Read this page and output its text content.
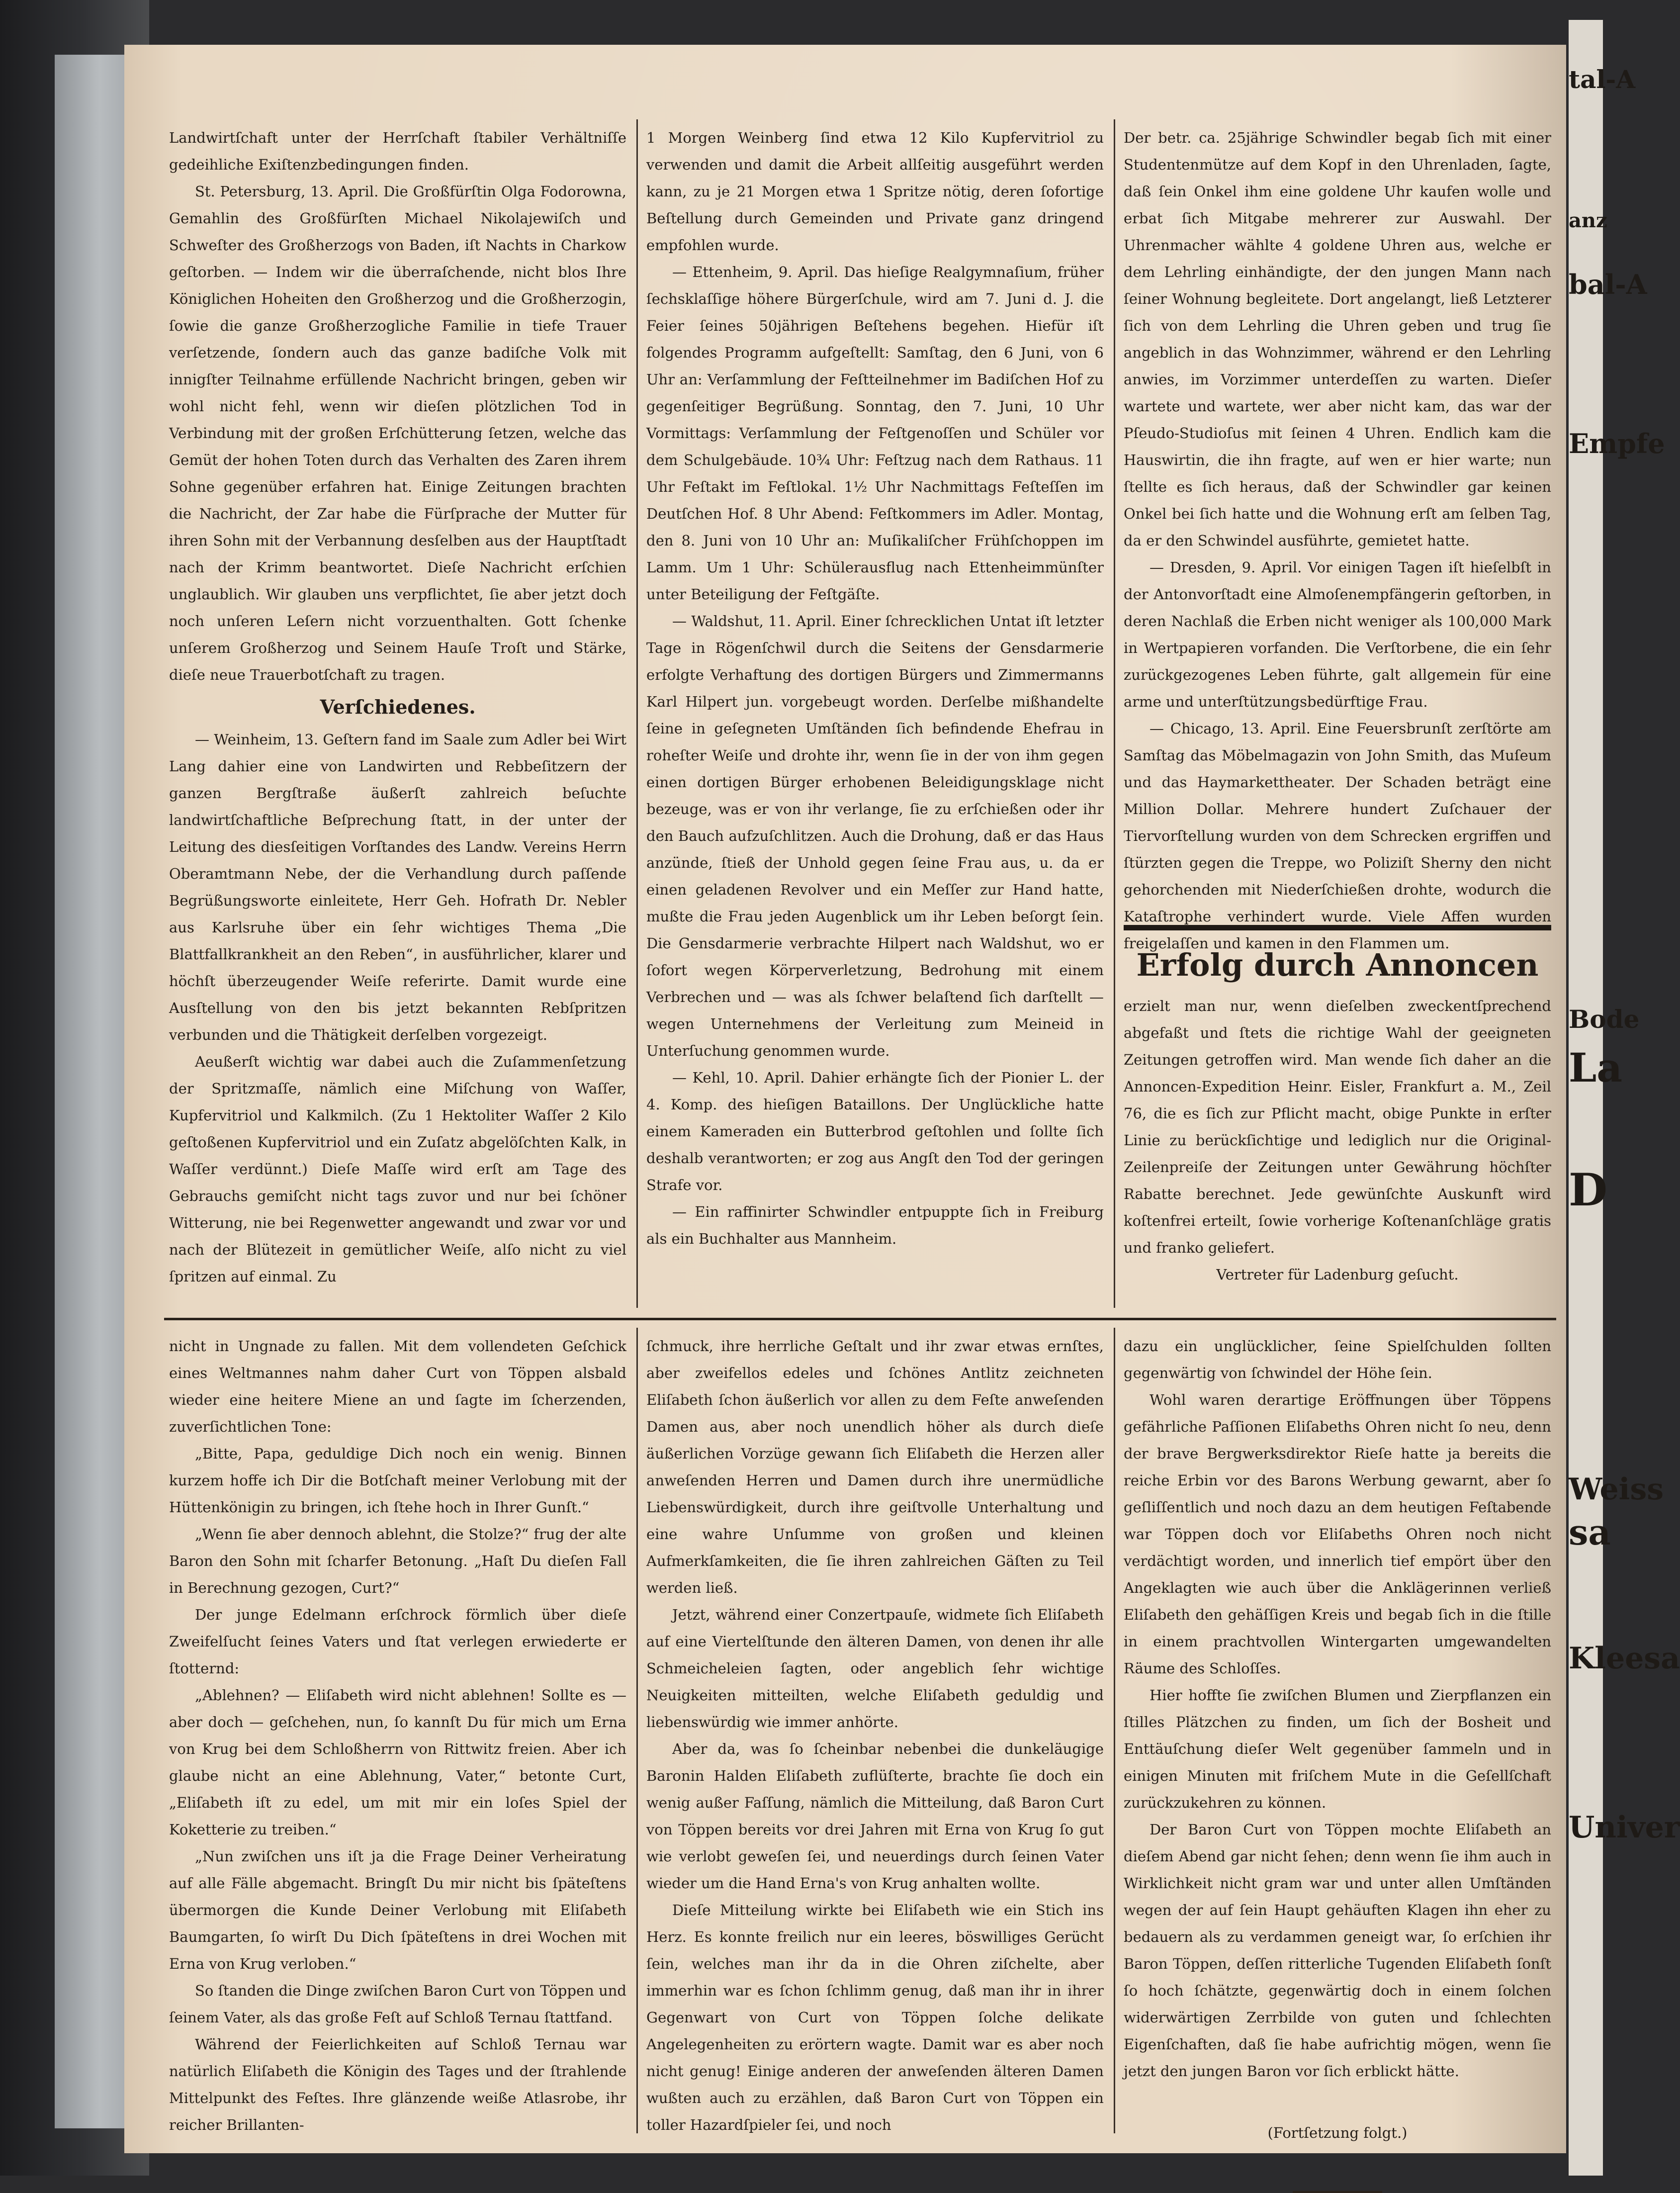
Landwirtſchaft unter der Herrſchaft ſtabiler Verhältniſſe gedeihliche Exiſtenzbedingungen finden.

St. Petersburg, 13. April. Die Großfürſtin Olga Fodorowna, Gemahlin des Großfürſten Michael Nikolajewiſch und Schweſter des Großherzogs von Baden, iſt Nachts in Charkow geſtorben. — Indem wir die überraſchende, nicht blos Ihre Königlichen Hoheiten den Großherzog und die Großherzogin, ſowie die ganze Großherzogliche Familie in tiefe Trauer verſetzende, ſondern auch das ganze badiſche Volk mit innigſter Teilnahme erfüllende Nachricht bringen, geben wir wohl nicht fehl, wenn wir dieſen plötzlichen Tod in Verbindung mit der großen Erſchütterung ſetzen, welche das Gemüt der hohen Toten durch das Verhalten des Zaren ihrem Sohne gegenüber erfahren hat. Einige Zeitungen brachten die Nachricht, der Zar habe die Fürſprache der Mutter für ihren Sohn mit der Verbannung desſelben aus der Hauptſtadt nach der Krimm beantwortet. Dieſe Nachricht erſchien unglaublich. Wir glauben uns verpflichtet, ſie aber jetzt doch noch unſeren Leſern nicht vorzuenthalten. Gott ſchenke unſerem Großherzog und Seinem Hauſe Troſt und Stärke, dieſe neue Trauerbotſchaft zu tragen.

Verſchiedenes.

— Weinheim, 13. Geſtern fand im Saale zum Adler bei Wirt Lang dahier eine von Landwirten und Rebbeſitzern der ganzen Bergſtraße äußerſt zahlreich beſuchte landwirtſchaftliche Beſprechung ſtatt, in der unter der Leitung des diesſeitigen Vorſtandes des Landw. Vereins Herrn Oberamtmann Nebe, der die Verhandlung durch paſſende Begrüßungsworte einleitete, Herr Geh. Hofrath Dr. Nebler aus Karlsruhe über ein ſehr wichtiges Thema „Die Blattfallkrankheit an den Reben“, in ausführlicher, klarer und höchſt überzeugender Weiſe referirte. Damit wurde eine Ausſtellung von den bis jetzt bekannten Rebſpritzen verbunden und die Thätigkeit derſelben vorgezeigt.

Aeußerſt wichtig war dabei auch die Zuſammenſetzung der Spritzmaſſe, nämlich eine Miſchung von Waſſer, Kupfervitriol und Kalkmilch. (Zu 1 Hektoliter Waſſer 2 Kilo geſtoßenen Kupfervitriol und ein Zuſatz abgelöſchten Kalk, in Waſſer verdünnt.) Dieſe Maſſe wird erſt am Tage des Gebrauchs gemiſcht nicht tags zuvor und nur bei ſchöner Witterung, nie bei Regenwetter angewandt und zwar vor und nach der Blütezeit in gemütlicher Weiſe, alſo nicht zu viel ſpritzen auf einmal. Zu

1 Morgen Weinberg ſind etwa 12 Kilo Kupfervitriol zu verwenden und damit die Arbeit allſeitig ausgeführt werden kann, zu je 21 Morgen etwa 1 Spritze nötig, deren ſofortige Beſtellung durch Gemeinden und Private ganz dringend empfohlen wurde.

— Ettenheim, 9. April. Das hieſige Realgymnaſium, früher ſechsklaſſige höhere Bürgerſchule, wird am 7. Juni d. J. die Feier ſeines 50jährigen Beſtehens begehen. Hiefür iſt folgendes Programm aufgeſtellt: Samſtag, den 6 Juni, von 6 Uhr an: Verſammlung der Feſtteilnehmer im Badiſchen Hof zu gegenſeitiger Begrüßung. Sonntag, den 7. Juni, 10 Uhr Vormittags: Verſammlung der Feſtgenoſſen und Schüler vor dem Schulgebäude. 10¾ Uhr: Feſtzug nach dem Rathaus. 11 Uhr Feſtakt im Feſtlokal. 1½ Uhr Nachmittags Feſteſſen im Deutſchen Hof. 8 Uhr Abend: Feſtkommers im Adler. Montag, den 8. Juni von 10 Uhr an: Muſikaliſcher Frühſchoppen im Lamm. Um 1 Uhr: Schülerausflug nach Ettenheimmünſter unter Beteiligung der Feſtgäſte.

— Waldshut, 11. April. Einer ſchrecklichen Untat iſt letzter Tage in Rögenſchwil durch die Seitens der Gensdarmerie erfolgte Verhaftung des dortigen Bürgers und Zimmermanns Karl Hilpert jun. vorgebeugt worden. Derſelbe mißhandelte ſeine in geſegneten Umſtänden ſich befindende Ehefrau in roheſter Weiſe und drohte ihr, wenn ſie in der von ihm gegen einen dortigen Bürger erhobenen Beleidigungsklage nicht bezeuge, was er von ihr verlange, ſie zu erſchießen oder ihr den Bauch aufzuſchlitzen. Auch die Drohung, daß er das Haus anzünde, ſtieß der Unhold gegen ſeine Frau aus, u. da er einen geladenen Revolver und ein Meſſer zur Hand hatte, mußte die Frau jeden Augenblick um ihr Leben beſorgt ſein. Die Gensdarmerie verbrachte Hilpert nach Waldshut, wo er ſofort wegen Körperverletzung, Bedrohung mit einem Verbrechen und — was als ſchwer belaſtend ſich darſtellt — wegen Unternehmens der Verleitung zum Meineid in Unterſuchung genommen wurde.

— Kehl, 10. April. Dahier erhängte ſich der Pionier L. der 4. Komp. des hieſigen Bataillons. Der Unglückliche hatte einem Kameraden ein Butterbrod geſtohlen und ſollte ſich deshalb verantworten; er zog aus Angſt den Tod der geringen Strafe vor.

— Ein raffinirter Schwindler entpuppte ſich in Freiburg als ein Buchhalter aus Mannheim.

Der betr. ca. 25jährige Schwindler begab ſich mit einer Studentenmütze auf dem Kopf in den Uhrenladen, ſagte, daß ſein Onkel ihm eine goldene Uhr kaufen wolle und erbat ſich Mitgabe mehrerer zur Auswahl. Der Uhrenmacher wählte 4 goldene Uhren aus, welche er dem Lehrling einhändigte, der den jungen Mann nach ſeiner Wohnung begleitete. Dort angelangt, ließ Letzterer ſich von dem Lehrling die Uhren geben und trug ſie angeblich in das Wohnzimmer, während er den Lehrling anwies, im Vorzimmer unterdeſſen zu warten. Dieſer wartete und wartete, wer aber nicht kam, das war der Pſeudo-Studioſus mit ſeinen 4 Uhren. Endlich kam die Hauswirtin, die ihn fragte, auf wen er hier warte; nun ſtellte es ſich heraus, daß der Schwindler gar keinen Onkel bei ſich hatte und die Wohnung erſt am ſelben Tag, da er den Schwindel ausführte, gemietet hatte.

— Dresden, 9. April. Vor einigen Tagen iſt hieſelbſt in der Antonvorſtadt eine Almoſenempfängerin geſtorben, in deren Nachlaß die Erben nicht weniger als 100,000 Mark in Wertpapieren vorfanden. Die Verſtorbene, die ein ſehr zurückgezogenes Leben führte, galt allgemein für eine arme und unterſtützungsbedürftige Frau.

— Chicago, 13. April. Eine Feuersbrunſt zerſtörte am Samſtag das Möbelmagazin von John Smith, das Muſeum und das Haymarkettheater. Der Schaden beträgt eine Million Dollar. Mehrere hundert Zuſchauer der Tiervorſtellung wurden von dem Schrecken ergriffen und ſtürzten gegen die Treppe, wo Poliziſt Sherny den nicht gehorchenden mit Niederſchießen drohte, wodurch die Kataſtrophe verhindert wurde. Viele Affen wurden freigelaſſen und kamen in den Flammen um.

Erfolg durch Annoncen

erzielt man nur, wenn dieſelben zweckentſprechend abgefaßt und ſtets die richtige Wahl der geeigneten Zeitungen getroffen wird. Man wende ſich daher an die Annoncen-Expedition Heinr. Eisler, Frankfurt a. M., Zeil 76, die es ſich zur Pflicht macht, obige Punkte in erſter Linie zu berückſichtige und lediglich nur die Original-Zeilenpreiſe der Zeitungen unter Gewährung höchſter Rabatte berechnet. Jede gewünſchte Auskunft wird koſtenfrei erteilt, ſowie vorherige Koſtenanſchläge gratis und franko geliefert.

Vertreter für Ladenburg geſucht.

nicht in Ungnade zu fallen. Mit dem vollendeten Geſchick eines Weltmannes nahm daher Curt von Töppen alsbald wieder eine heitere Miene an und ſagte im ſcherzenden, zuverſichtlichen Tone:

„Bitte, Papa, geduldige Dich noch ein wenig. Binnen kurzem hoffe ich Dir die Botſchaft meiner Verlobung mit der Hüttenkönigin zu bringen, ich ſtehe hoch in Ihrer Gunſt.“

„Wenn ſie aber dennoch ablehnt, die Stolze?“ frug der alte Baron den Sohn mit ſcharfer Betonung. „Haſt Du dieſen Fall in Berechnung gezogen, Curt?“

Der junge Edelmann erſchrock förmlich über dieſe Zweifelſucht ſeines Vaters und ſtat verlegen erwiederte er ſtotternd:

„Ablehnen? — Eliſabeth wird nicht ablehnen! Sollte es — aber doch — geſchehen, nun, ſo kannſt Du für mich um Erna von Krug bei dem Schloßherrn von Rittwitz freien. Aber ich glaube nicht an eine Ablehnung, Vater,“ betonte Curt, „Eliſabeth iſt zu edel, um mit mir ein loſes Spiel der Koketterie zu treiben.“

„Nun zwiſchen uns iſt ja die Frage Deiner Verheiratung auf alle Fälle abgemacht. Bringſt Du mir nicht bis ſpäteſtens übermorgen die Kunde Deiner Verlobung mit Eliſabeth Baumgarten, ſo wirſt Du Dich ſpäteſtens in drei Wochen mit Erna von Krug verloben.“

So ſtanden die Dinge zwiſchen Baron Curt von Töppen und ſeinem Vater, als das große Feſt auf Schloß Ternau ſtattfand.

Während der Feierlichkeiten auf Schloß Ternau war natürlich Eliſabeth die Königin des Tages und der ſtrahlende Mittelpunkt des Feſtes. Ihre glänzende weiße Atlasrobe, ihr reicher Brillanten-

ſchmuck, ihre herrliche Geſtalt und ihr zwar etwas ernſtes, aber zweifellos edeles und ſchönes Antlitz zeichneten Eliſabeth ſchon äußerlich vor allen zu dem Feſte anweſenden Damen aus, aber noch unendlich höher als durch dieſe äußerlichen Vorzüge gewann ſich Eliſabeth die Herzen aller anweſenden Herren und Damen durch ihre unermüdliche Liebenswürdigkeit, durch ihre geiſtvolle Unterhaltung und eine wahre Unſumme von großen und kleinen Aufmerkſamkeiten, die ſie ihren zahlreichen Gäſten zu Teil werden ließ.

Jetzt, während einer Conzertpauſe, widmete ſich Eliſabeth auf eine Viertelſtunde den älteren Damen, von denen ihr alle Schmeicheleien ſagten, oder angeblich ſehr wichtige Neuigkeiten mitteilten, welche Eliſabeth geduldig und liebenswürdig wie immer anhörte.

Aber da, was ſo ſcheinbar nebenbei die dunkeläugige Baronin Halden Eliſabeth zuflüſterte, brachte ſie doch ein wenig außer Faſſung, nämlich die Mitteilung, daß Baron Curt von Töppen bereits vor drei Jahren mit Erna von Krug ſo gut wie verlobt geweſen ſei, und neuerdings durch ſeinen Vater wieder um die Hand Erna's von Krug anhalten wollte.

Dieſe Mitteilung wirkte bei Eliſabeth wie ein Stich ins Herz. Es konnte freilich nur ein leeres, böswilliges Gerücht ſein, welches man ihr da in die Ohren ziſchelte, aber immerhin war es ſchon ſchlimm genug, daß man ihr in ihrer Gegenwart von Curt von Töppen ſolche delikate Angelegenheiten zu erörtern wagte. Damit war es aber noch nicht genug! Einige anderen der anweſenden älteren Damen wußten auch zu erzählen, daß Baron Curt von Töppen ein toller Hazardſpieler ſei, und noch

dazu ein unglücklicher, ſeine Spielſchulden ſollten gegenwärtig von ſchwindel der Höhe ſein.

Wohl waren derartige Eröffnungen über Töppens gefährliche Paſſionen Eliſabeths Ohren nicht ſo neu, denn der brave Bergwerksdirektor Rieſe hatte ja bereits die reiche Erbin vor des Barons Werbung gewarnt, aber ſo geſliſſentlich und noch dazu an dem heutigen Feſtabende war Töppen doch vor Eliſabeths Ohren noch nicht verdächtigt worden, und innerlich tief empört über den Angeklagten wie auch über die Anklägerinnen verließ Eliſabeth den gehäſſigen Kreis und begab ſich in die ſtille in einem prachtvollen Wintergarten umgewandelten Räume des Schloſſes.

Hier hoffte ſie zwiſchen Blumen und Zierpflanzen ein ſtilles Plätzchen zu finden, um ſich der Bosheit und Enttäuſchung dieſer Welt gegenüber ſammeln und in einigen Minuten mit friſchem Mute in die Geſellſchaft zurückzukehren zu können.

Der Baron Curt von Töppen mochte Eliſabeth an dieſem Abend gar nicht ſehen; denn wenn ſie ihm auch in Wirklichkeit nicht gram war und unter allen Umſtänden wegen der auf ſein Haupt gehäuften Klagen ihn eher zu bedauern als zu verdammen geneigt war, ſo erſchien ihr Baron Töppen, deſſen ritterliche Tugenden Eliſabeth ſonſt ſo hoch ſchätzte, gegenwärtig doch in einem ſolchen widerwärtigen Zerrbilde von guten und ſchlechten Eigenſchaften, daß ſie habe aufrichtig mögen, wenn ſie jetzt den jungen Baron vor ſich erblickt hätte.

(Fortſetzung folgt.)

tal-A
anz
bal-A
Empfe
Bode
La
D
Weiss
sa
Kleesa
Univer
